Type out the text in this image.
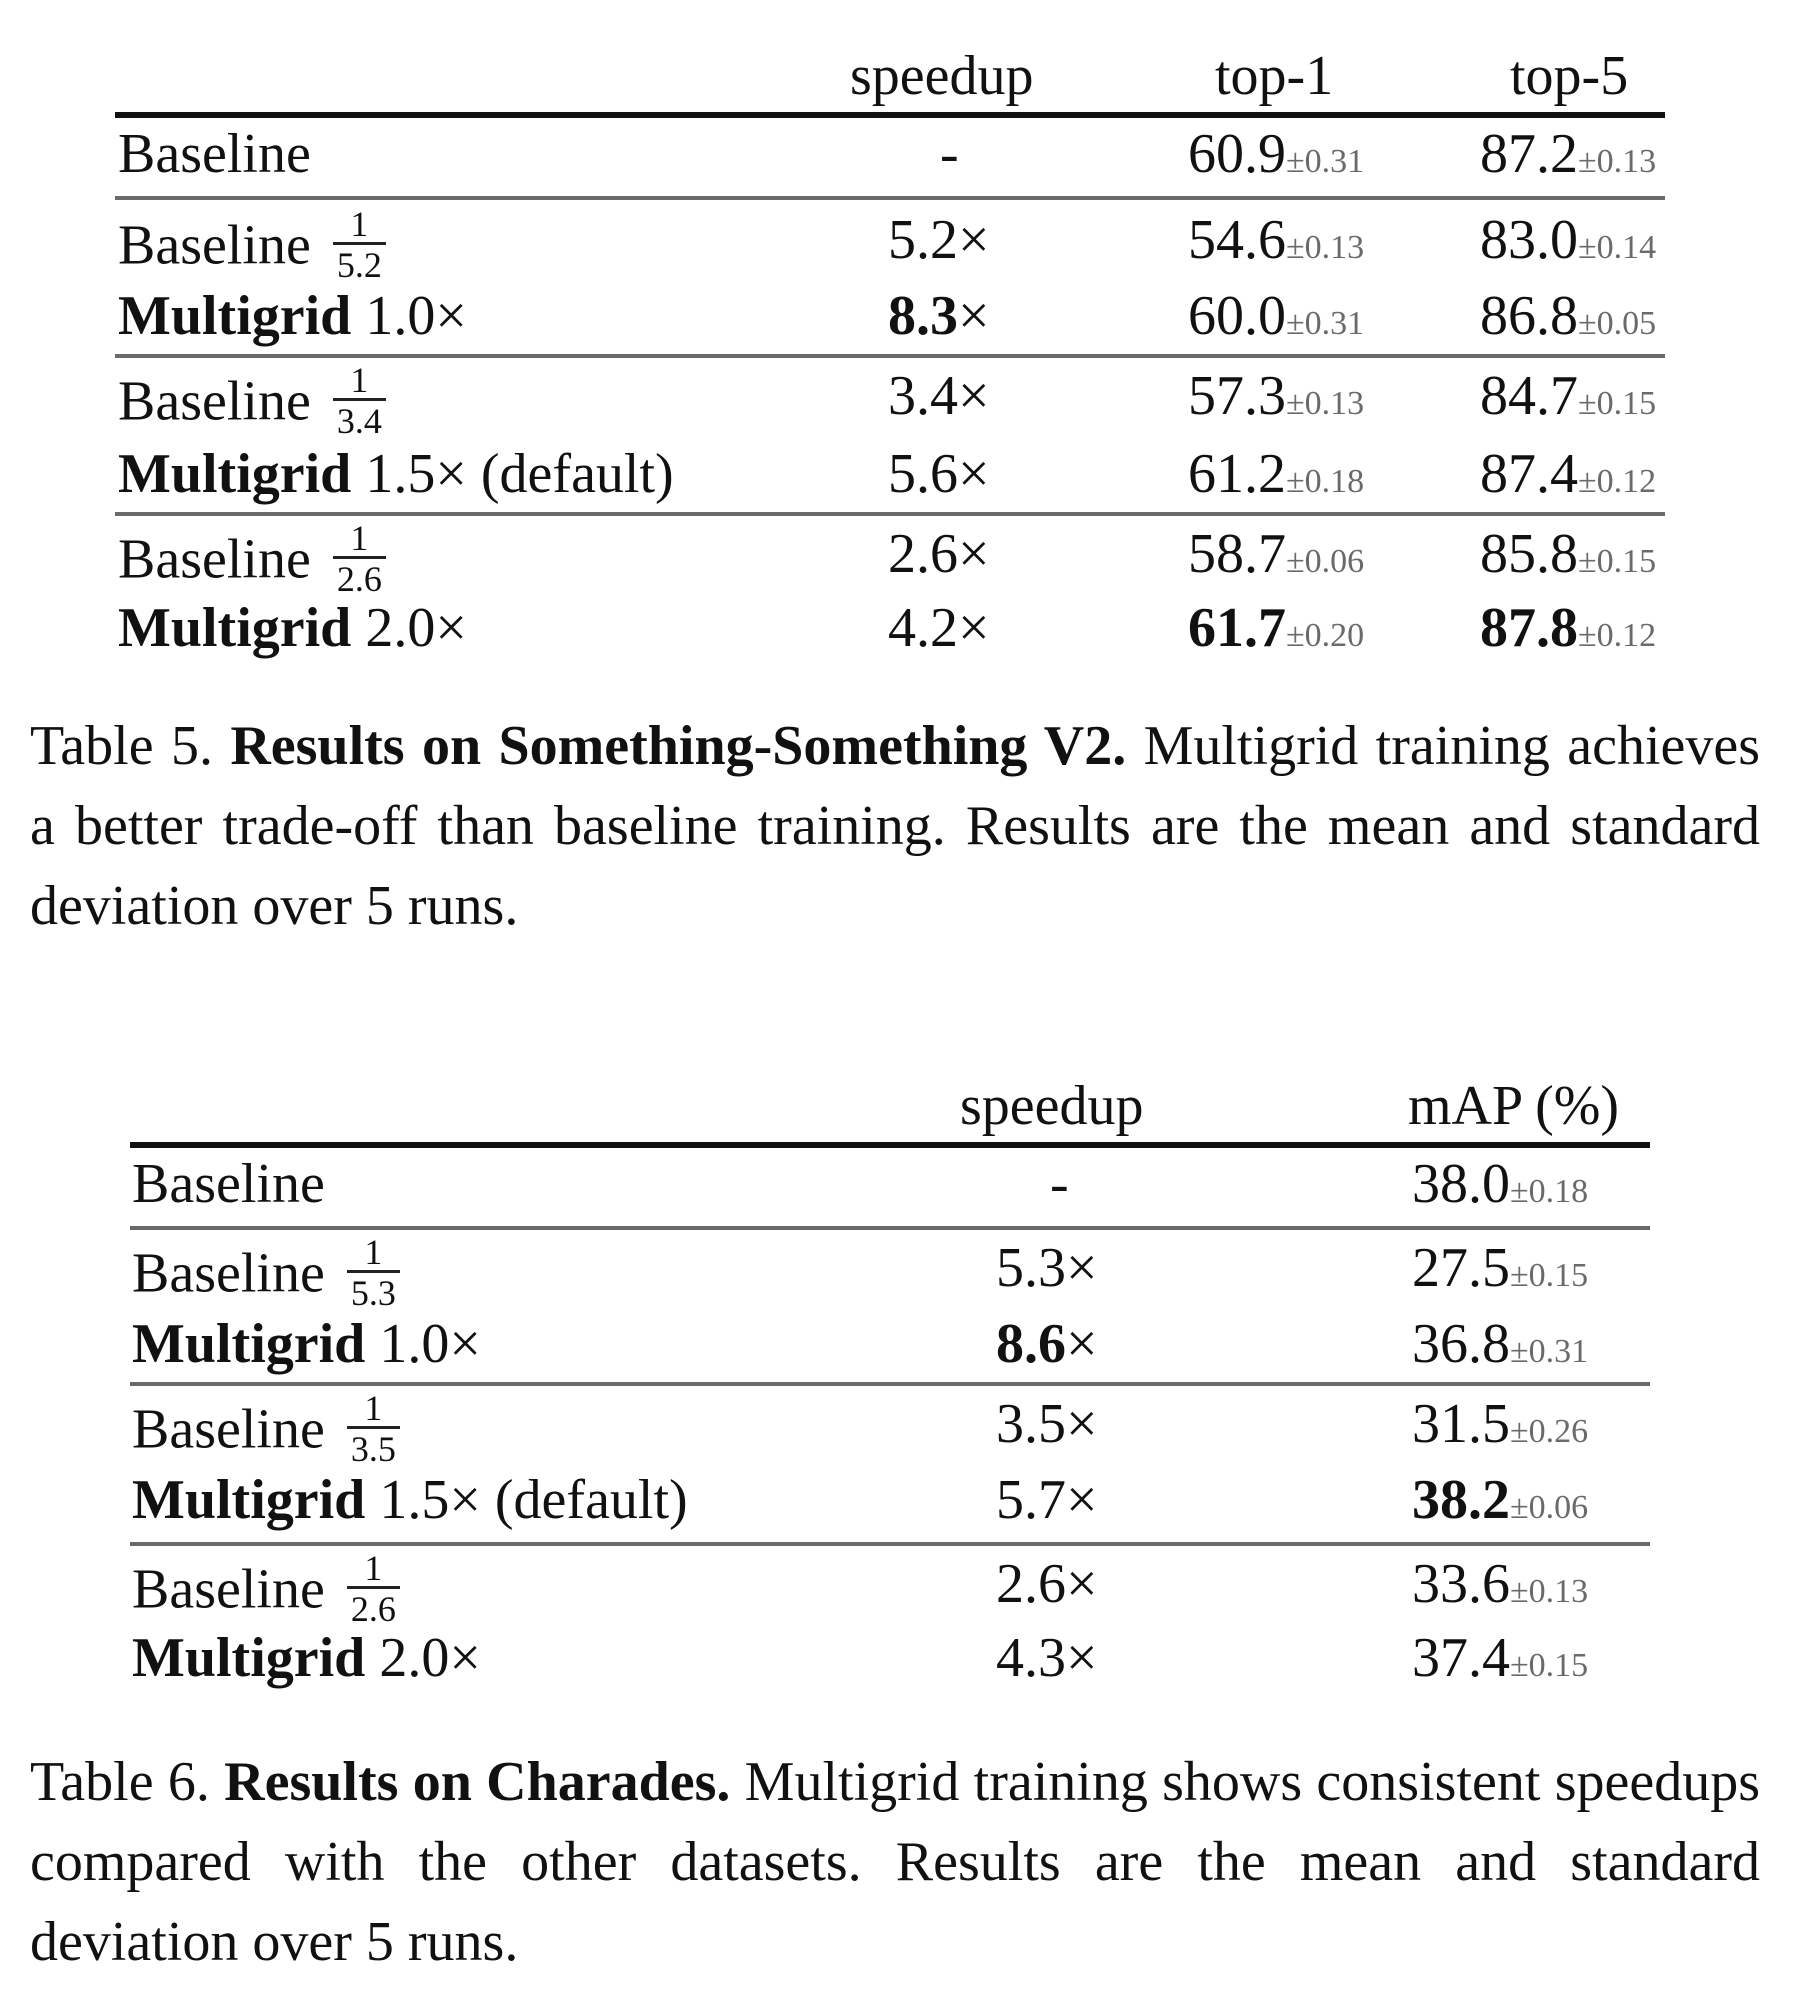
speedup	top-1	top-5
Baseline	-	60.9±0.31 87.2±0.13
Baseline $\frac{1}{5.2}$	5.2×	54.6±0.13 83.0±0.14
Multigrid 1.0×	8.3×	60.0±0.31 86.8±0.05
Baseline $\frac{1}{3.4}$	3.4×	57.3±0.13 84.7±0.15
Multigrid 1.5× (default)	5.6×	61.2±0.18 87.4±0.12
Baseline $\frac{1}{2.6}$	2.6×	58.7±0.06 85.8±0.15
Multigrid 2.0×	4.2×	61.7±0.20 87.8±0.12
Table 5. Results on Something-Something V2. Multigrid training achieves a better trade-off than baseline training. Results are the mean and standard deviation over 5 runs.
speedup	mAP (%)
Baseline	-	38.0±0.18
Baseline $\frac{1}{5.3}$	5.3×	27.5±0.15
Multigrid 1.0×	8.6×	36.8±0.31
Baseline $\frac{1}{3.5}$	3.5×	31.5±0.26
Multigrid 1.5× (default)	5.7×	38.2±0.06
Baseline $\frac{1}{2.6}$	2.6×	33.6±0.13
Multigrid 2.0×	4.3×	37.4±0.15
Table 6. Results on Charades. Multigrid training shows consistent speedups compared with the other datasets. Results are the mean and standard deviation over 5 runs.
